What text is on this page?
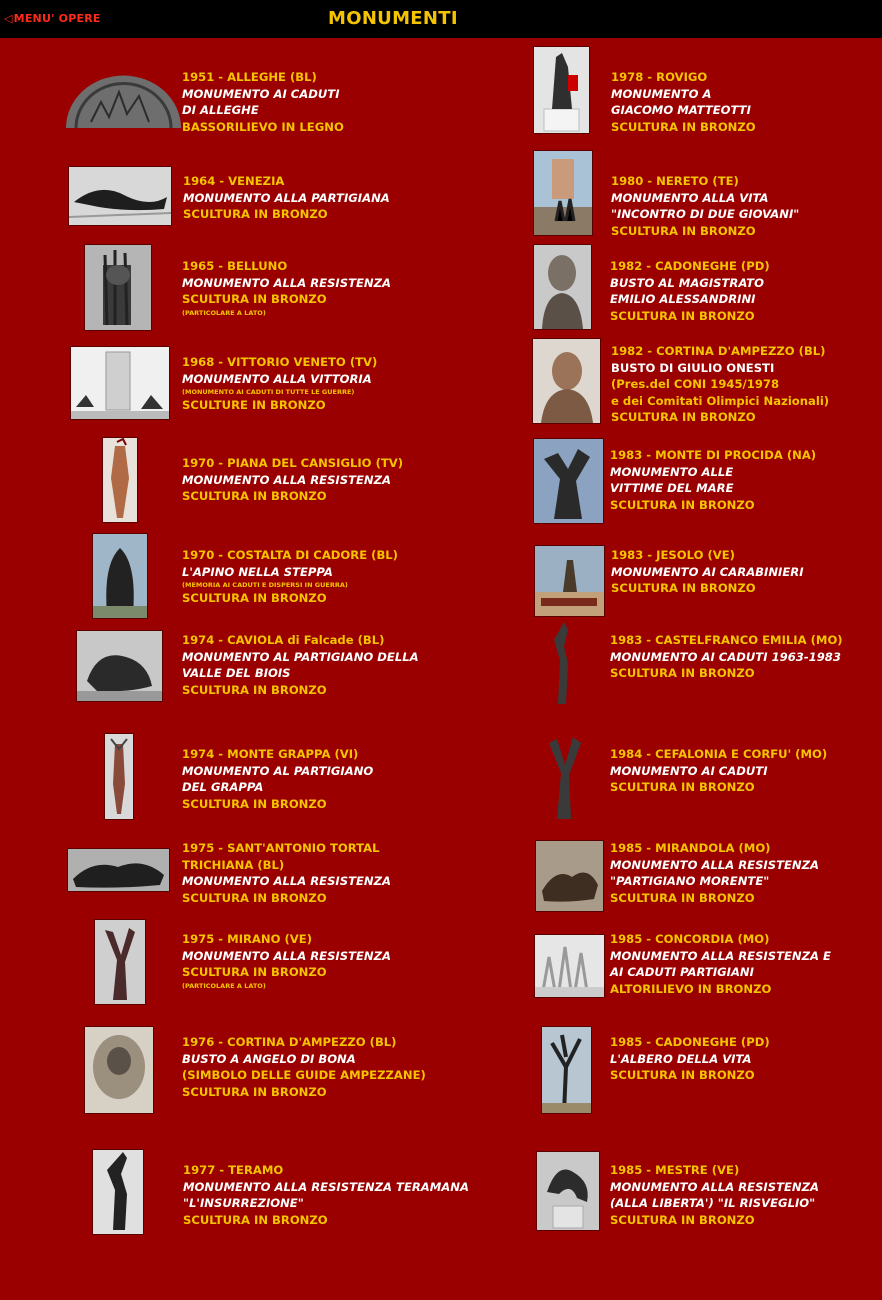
◁MENU' OPERE	MONUMENTI
1951 - ALLEGHE (BL)
MONUMENTO AI CADUTI
DI ALLEGHE
BASSORILIEVO IN LEGNO
1964 - VENEZIA
MONUMENTO ALLA PARTIGIANA
SCULTURA IN BRONZO
1965 - BELLUNO
MONUMENTO ALLA RESISTENZA
SCULTURA IN BRONZO
(PARTICOLARE A LATO)
1968 - VITTORIO VENETO (TV)
MONUMENTO ALLA VITTORIA
(MONUMENTO AI CADUTI DI TUTTE LE GUERRE)
SCULTURE IN BRONZO
1970 - PIANA DEL CANSIGLIO (TV)
MONUMENTO ALLA RESISTENZA
SCULTURA IN BRONZO
1970 - COSTALTA DI CADORE (BL)
L'APINO NELLA STEPPA
(MEMORIA AI CADUTI E DISPERSI IN GUERRA)
SCULTURA IN BRONZO
1974 - CAVIOLA di Falcade (BL)
MONUMENTO AL PARTIGIANO DELLA
VALLE DEL BIOIS
SCULTURA IN BRONZO
1974 - MONTE GRAPPA (VI)
MONUMENTO AL PARTIGIANO
DEL GRAPPA
SCULTURA IN BRONZO
1975 - SANT'ANTONIO TORTAL
TRICHIANA (BL)
MONUMENTO ALLA RESISTENZA
SCULTURA IN BRONZO
1975 - MIRANO (VE)
MONUMENTO ALLA RESISTENZA
SCULTURA IN BRONZO
(PARTICOLARE A LATO)
1976 - CORTINA D'AMPEZZO (BL)
BUSTO A ANGELO DI BONA
(SIMBOLO DELLE GUIDE AMPEZZANE)
SCULTURA IN BRONZO
1977 - TERAMO
MONUMENTO ALLA RESISTENZA TERAMANA
"L'INSURREZIONE"
SCULTURA IN BRONZO
1978 - ROVIGO
MONUMENTO A
GIACOMO MATTEOTTI
SCULTURA IN BRONZO
1980 - NERETO (TE)
MONUMENTO ALLA VITA
"INCONTRO DI DUE GIOVANI"
SCULTURA IN BRONZO
1982 - CADONEGHE (PD)
BUSTO AL MAGISTRATO
EMILIO ALESSANDRINI
SCULTURA IN BRONZO
1982 - CORTINA D'AMPEZZO (BL)
BUSTO DI GIULIO ONESTI
(Pres.del CONI 1945/1978
e dei Comitati Olimpici Nazionali)
SCULTURA IN BRONZO
1983 - MONTE DI PROCIDA (NA)
MONUMENTO ALLE
VITTIME DEL MARE
SCULTURA IN BRONZO
1983 - JESOLO (VE)
MONUMENTO AI CARABINIERI
SCULTURA IN BRONZO
1983 - CASTELFRANCO EMILIA (MO)
MONUMENTO AI CADUTI 1963-1983
SCULTURA IN BRONZO
1984 - CEFALONIA E CORFU' (MO)
MONUMENTO AI CADUTI
SCULTURA IN BRONZO
1985 - MIRANDOLA (MO)
MONUMENTO ALLA RESISTENZA
"PARTIGIANO MORENTE"
SCULTURA IN BRONZO
1985 - CONCORDIA (MO)
MONUMENTO ALLA RESISTENZA E
AI CADUTI PARTIGIANI
ALTORILIEVO IN BRONZO
1985 - CADONEGHE (PD)
L'ALBERO DELLA VITA
SCULTURA IN BRONZO
1985 - MESTRE (VE)
MONUMENTO ALLA RESISTENZA
(ALLA LIBERTA') "IL RISVEGLIO"
SCULTURA IN BRONZO
